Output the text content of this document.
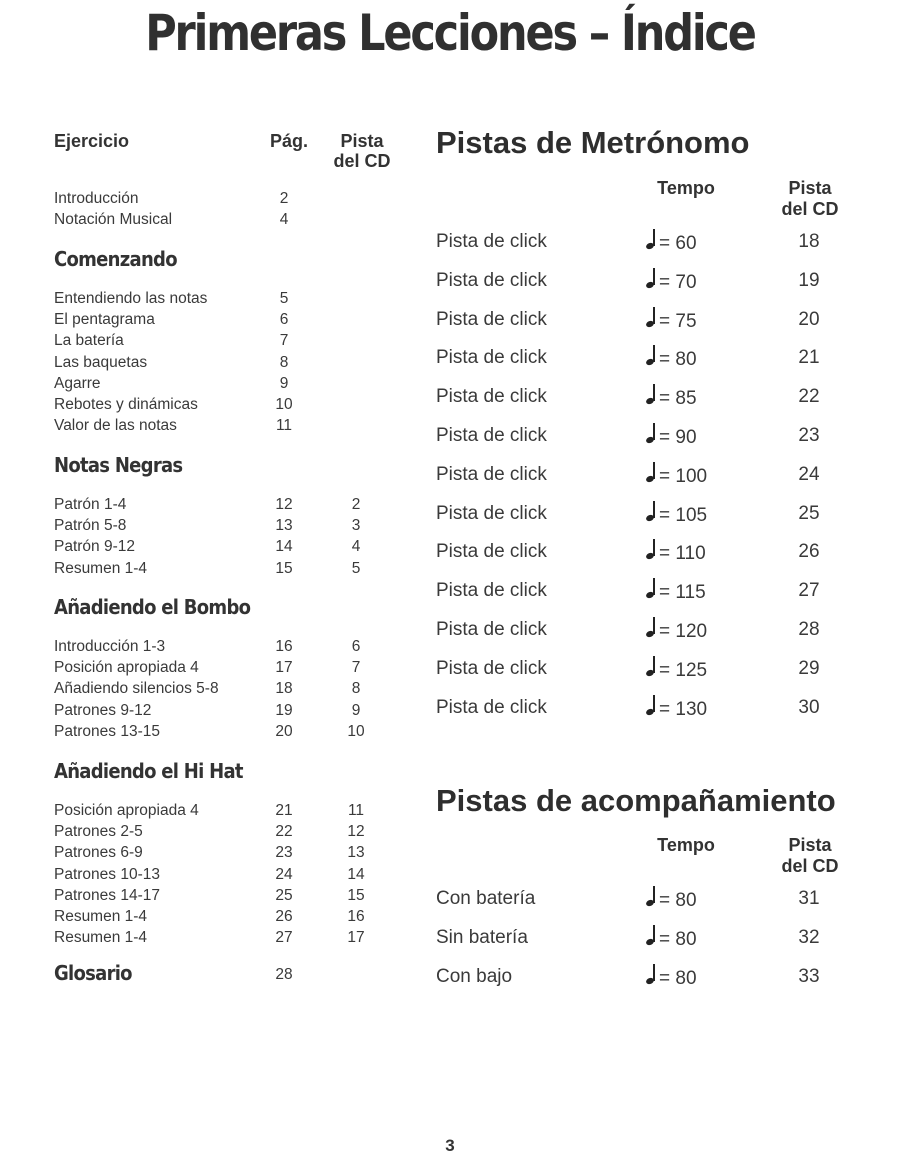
Primeras Lecciones – Índice
Ejercicio	Pág.	Pista
del CD
Introducción	2
Notación Musical	4
Comenzando
Entendiendo las notas	5
El pentagrama	6
La batería	7
Las baquetas	8
Agarre	9
Rebotes y dinámicas	10
Valor de las notas	11
Notas Negras
Patrón 1-4	12	2
Patrón 5-8	13	3
Patrón 9-12	14	4
Resumen 1-4	15	5
Añadiendo el Bombo
Introducción 1-3	16	6
Posición apropiada 4	17	7
Añadiendo silencios 5-8	18	8
Patrones 9-12	19	9
Patrones 13-15	20	10
Añadiendo el Hi Hat
Posición apropiada 4	21	11
Patrones 2-5	22	12
Patrones 6-9	23	13
Patrones 10-13	24	14
Patrones 14-17	25	15
Resumen 1-4	26	16
Resumen 1-4	27	17
Glosario	28
Pistas de Metrónomo
Tempo	Pista
del CD
Pista de click	= 60	18
Pista de click	= 70	19
Pista de click	= 75	20
Pista de click	= 80	21
Pista de click	= 85	22
Pista de click	= 90	23
Pista de click	= 100	24
Pista de click	= 105	25
Pista de click	= 110	26
Pista de click	= 115	27
Pista de click	= 120	28
Pista de click	= 125	29
Pista de click	= 130	30
Pistas de acompañamiento
Tempo	Pista
del CD
Con batería	= 80	31
Sin batería	= 80	32
Con bajo	= 80	33
3
